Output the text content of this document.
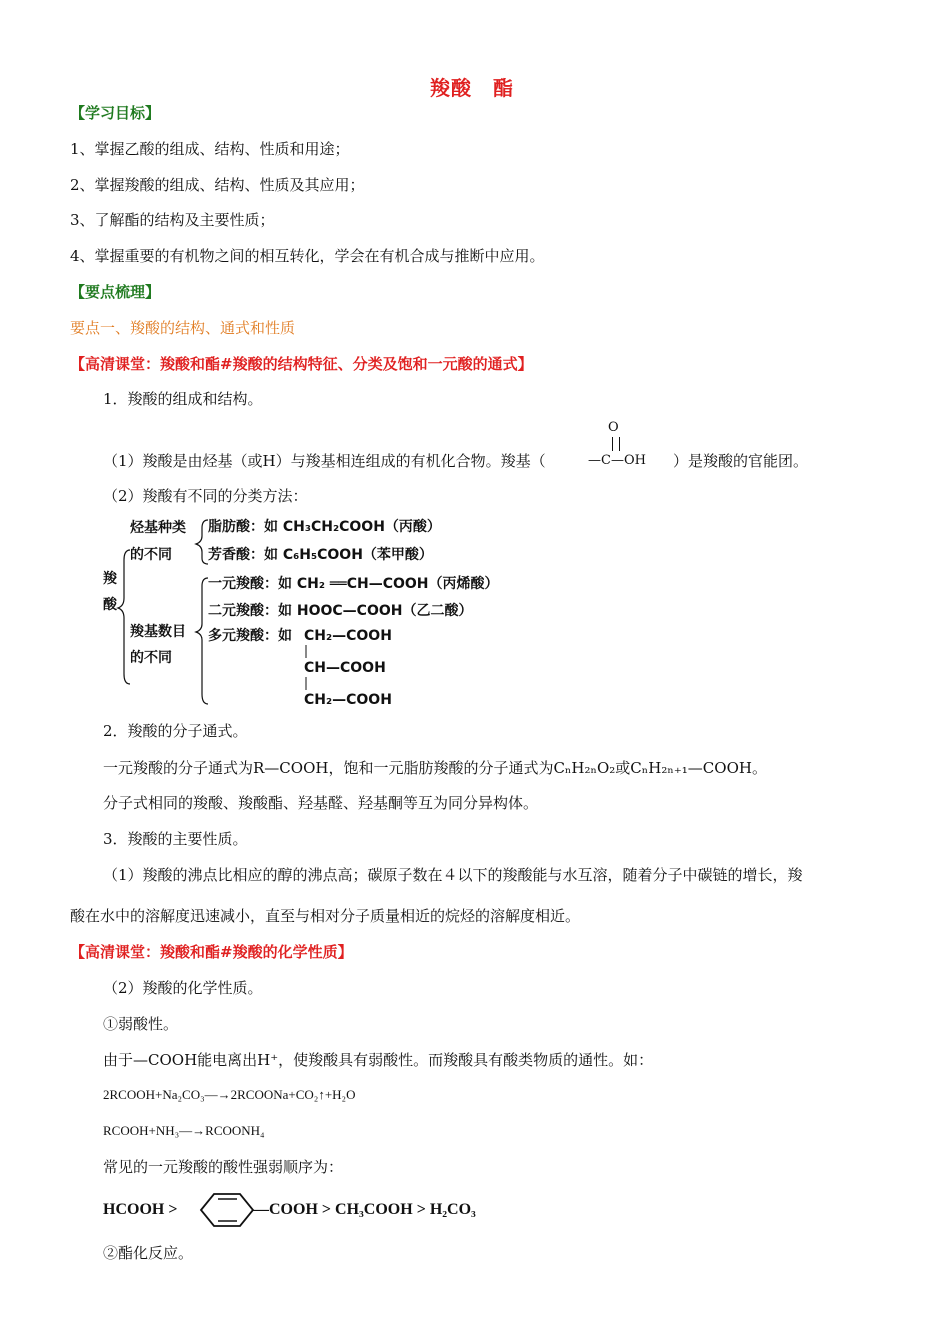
羧酸　酯
【学习目标】
1、掌握乙酸的组成、结构、性质和用途；
2、掌握羧酸的组成、结构、性质及其应用；
3、了解酯的结构及主要性质；
4、掌握重要的有机物之间的相互转化，学会在有机合成与推断中应用。
【要点梳理】
要点一、羧酸的结构、通式和性质
【高清课堂：羧酸和酯#羧酸的结构特征、分类及饱和一元酸的通式】
1．羧酸的组成和结构。
（1）羧酸是由烃基（或H）与羧基相连组成的有机化合物。羧基（
O
—C—OH ）是羧酸的官能团。
（2）羧酸有不同的分类方法：
羧
酸
烃基种类
的不同
羧基数目
的不同
脂肪酸：如 CH₃CH₂COOH（丙酸）
芳香酸：如 C₆H₅COOH（苯甲酸）
一元羧酸：如 CH₂ ══CH—COOH（丙烯酸）
二元羧酸：如 HOOC—COOH（乙二酸）
多元羧酸：如 CH₂—COOH
CH—COOH
CH₂—COOH
2．羧酸的分子通式。
一元羧酸的分子通式为R—COOH，饱和一元脂肪羧酸的分子通式为CₙH₂ₙO₂或CₙH₂ₙ₊₁—COOH。
分子式相同的羧酸、羧酸酯、羟基醛、羟基酮等互为同分异构体。
3．羧酸的主要性质。
（1）羧酸的沸点比相应的醇的沸点高；碳原子数在４以下的羧酸能与水互溶，随着分子中碳链的增长，羧
酸在水中的溶解度迅速减小，直至与相对分子质量相近的烷烃的溶解度相近。
【高清课堂：羧酸和酯#羧酸的化学性质】
（2）羧酸的化学性质。
①弱酸性。
由于—COOH能电离出H⁺，使羧酸具有弱酸性。而羧酸具有酸类物质的通性。如：
2RCOOH+Na₂CO₃—→2RCOONa+CO₂↑+H₂O
RCOOH+NH₃—→RCOONH₄
常见的一元羧酸的酸性强弱顺序为：
HCOOH >	—COOH > CH₃COOH > H₂CO₃
②酯化反应。
